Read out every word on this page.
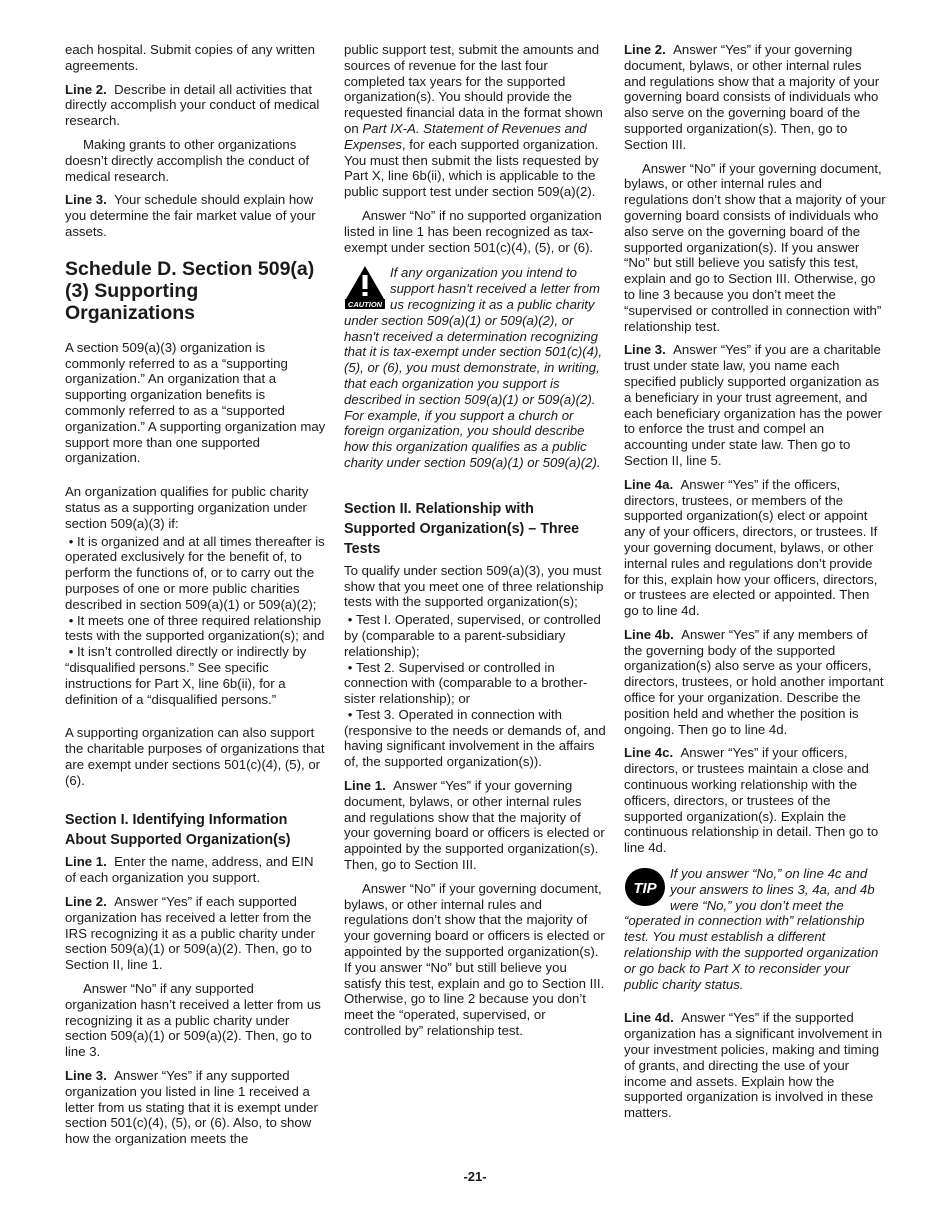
each hospital. Submit copies of any written agreements.

Line 2. Describe in detail all activities that directly accomplish your conduct of medical research.

Making grants to other organizations doesn’t directly accomplish the conduct of medical research.

Line 3. Your schedule should explain how you determine the fair market value of your assets.

Schedule D. Section 509(a)(3) Supporting Organizations

A section 509(a)(3) organization is commonly referred to as a “supporting organization.” An organization that a supporting organization benefits is commonly referred to as a “supported organization.” A supporting organization may support more than one supported organization.

An organization qualifies for public charity status as a supporting organization under section 509(a)(3) if:

• It is organized and at all times thereafter is operated exclusively for the benefit of, to perform the functions of, or to carry out the purposes of one or more public charities described in section 509(a)(1) or 509(a)(2);
• It meets one of three required relationship tests with the supported organization(s); and
• It isn’t controlled directly or indirectly by “disqualified persons.” See specific instructions for Part X, line 6b(ii), for a definition of a “disqualified persons.”

A supporting organization can also support the charitable purposes of organizations that are exempt under sections 501(c)(4), (5), or (6).

Section I. Identifying Information About Supported Organization(s)

Line 1. Enter the name, address, and EIN of each organization you support.

Line 2. Answer “Yes” if each supported organization has received a letter from the IRS recognizing it as a public charity under section 509(a)(1) or 509(a)(2). Then, go to Section II, line 1.

Answer “No” if any supported organization hasn’t received a letter from us recognizing it as a public charity under section 509(a)(1) or 509(a)(2). Then, go to line 3.

Line 3. Answer “Yes” if any supported organization you listed in line 1 received a letter from us stating that it is exempt under section 501(c)(4), (5), or (6). Also, to show how the organization meets the

public support test, submit the amounts and sources of revenue for the last four completed tax years for the supported organization(s). You should provide the requested financial data in the format shown on Part IX-A. Statement of Revenues and Expenses, for each supported organization. You must then submit the lists requested by Part X, line 6b(ii), which is applicable to the public support test under section 509(a)(2).

Answer “No” if no supported organization listed in line 1 has been recognized as tax-exempt under section 501(c)(4), (5), or (6).

CAUTION
If any organization you intend to support hasn't received a letter from us recognizing it as a public charity under section 509(a)(1) or 509(a)(2), or hasn't received a determination recognizing that it is tax-exempt under section 501(c)(4), (5), or (6), you must demonstrate, in writing, that each organization you support is described in section 509(a)(1) or 509(a)(2). For example, if you support a church or foreign organization, you should describe how this organization qualifies as a public charity under section 509(a)(1) or 509(a)(2).
Section II. Relationship with Supported Organization(s) – Three Tests

To qualify under section 509(a)(3), you must show that you meet one of three relationship tests with the supported organization(s);

• Test I. Operated, supervised, or controlled by (comparable to a parent-subsidiary relationship);
• Test 2. Supervised or controlled in connection with (comparable to a brother-sister relationship); or
• Test 3. Operated in connection with (responsive to the needs or demands of, and having significant involvement in the affairs of, the supported organization(s)).

Line 1. Answer “Yes” if your governing document, bylaws, or other internal rules and regulations show that the majority of your governing board or officers is elected or appointed by the supported organization(s). Then, go to Section III.

Answer “No” if your governing document, bylaws, or other internal rules and regulations don’t show that the majority of your governing board or officers is elected or appointed by the supported organization(s). If you answer “No” but still believe you satisfy this test, explain and go to Section III. Otherwise, go to line 2 because you don’t meet the “operated, supervised, or controlled by” relationship test.

Line 2. Answer “Yes” if your governing document, bylaws, or other internal rules and regulations show that a majority of your governing board consists of individuals who also serve on the governing board of the supported organization(s). Then, go to Section III.

Answer “No” if your governing document, bylaws, or other internal rules and regulations don’t show that a majority of your governing board consists of individuals who also serve on the governing board of the supported organization(s). If you answer “No” but still believe you satisfy this test, explain and go to Section III. Otherwise, go to line 3 because you don’t meet the “supervised or controlled in connection with” relationship test.

Line 3. Answer “Yes” if you are a charitable trust under state law, you name each specified publicly supported organization as a beneficiary in your trust agreement, and each beneficiary organization has the power to enforce the trust and compel an accounting under state law. Then go to Section II, line 5.

Line 4a. Answer “Yes” if the officers, directors, trustees, or members of the supported organization(s) elect or appoint any of your officers, directors, or trustees. If your governing document, bylaws, or other internal rules and regulations don’t provide for this, explain how your officers, directors, or trustees are elected or appointed. Then go to line 4d.

Line 4b. Answer “Yes” if any members of the governing body of the supported organization(s) also serve as your officers, directors, trustees, or hold another important office for your organization. Describe the position held and whether the position is ongoing. Then go to line 4d.

Line 4c. Answer “Yes” if your officers, directors, or trustees maintain a close and continuous working relationship with the officers, directors, or trustees of the supported organization(s). Explain the continuous relationship in detail. Then go to line 4d.

TIP
If you answer “No,” on line 4c and your answers to lines 3, 4a, and 4b were “No,” you don’t meet the “operated in connection with” relationship test. You must establish a different relationship with the supported organization or go back to Part X to reconsider your public charity status.

Line 4d. Answer “Yes” if the supported organization has a significant involvement in your investment policies, making and timing of grants, and directing the use of your income and assets. Explain how the supported organization is involved in these matters.

-21-
